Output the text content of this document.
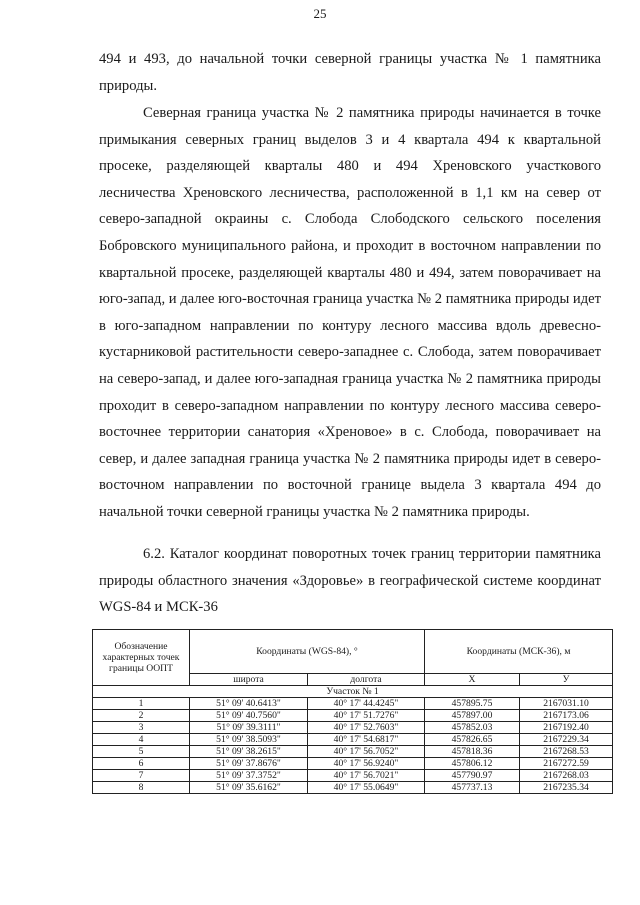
25

494 и 493, до начальной точки северной границы участка № 1 памятника природы.

Северная граница участка № 2 памятника природы начинается в точке примыкания северных границ выделов 3 и 4 квартала 494 к квартальной просеке, разделяющей кварталы 480 и 494 Хреновского участкового лесничества Хреновского лесничества, расположенной в 1,1 км на север от северо-западной окраины с. Слобода Слободского сельского поселения Бобровского муниципального района, и проходит в восточном направлении по квартальной просеке, разделяющей кварталы 480 и 494, затем поворачивает на юго-запад, и далее юго-восточная граница участка № 2 памятника природы идет в юго-западном направлении по контуру лесного массива вдоль древесно-кустарниковой растительности северо-западнее с. Слобода, затем поворачивает на северо-запад, и далее юго-западная граница участка № 2 памятника природы проходит в северо-западном направлении по контуру лесного массива северо-восточнее территории санатория «Хреновое» в с. Слобода, поворачивает на север, и далее западная граница участка № 2 памятника природы идет в северо-восточном направлении по восточной границе выдела 3 квартала 494 до начальной точки северной границы участка № 2 памятника природы.

6.2. Каталог координат поворотных точек границ территории памятника природы областного значения «Здоровье» в географической системе координат WGS-84 и МСК-36

Обозначение характерных точек границы ООПТ	Координаты (WGS-84), °		Координаты (МСК-36), м	
	широта	долгота	X	У
Участок № 1				
1	51° 09' 40.6413"	40° 17' 44.4245"	457895.75	2167031.10
2	51° 09' 40.7560"	40° 17' 51.7276"	457897.00	2167173.06
3	51° 09' 39.3111"	40° 17' 52.7603"	457852.03	2167192.40
4	51° 09' 38.5093"	40° 17' 54.6817"	457826.65	2167229.34
5	51° 09' 38.2615"	40° 17' 56.7052"	457818.36	2167268.53
6	51° 09' 37.8676"	40° 17' 56.9240"	457806.12	2167272.59
7	51° 09' 37.3752"	40° 17' 56.7021"	457790.97	2167268.03
8	51° 09' 35.6162"	40° 17' 55.0649"	457737.13	2167235.34
